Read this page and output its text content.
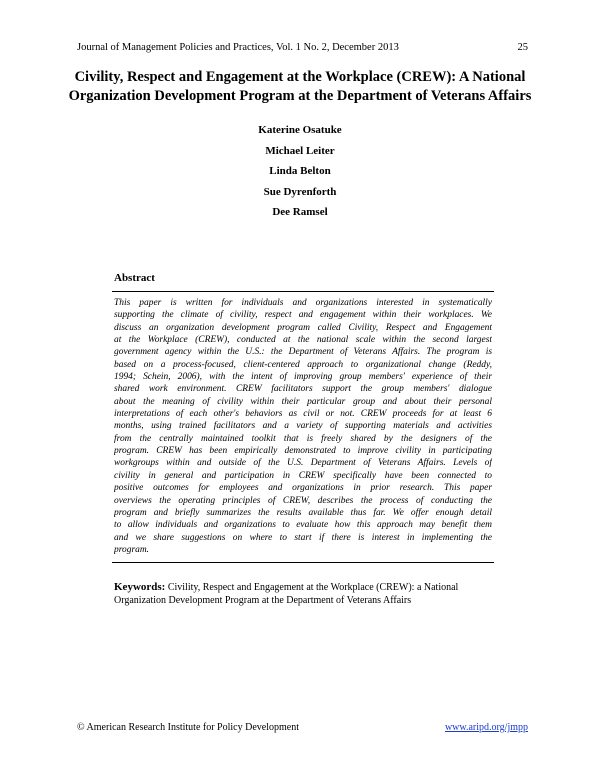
Journal of Management Policies and Practices, Vol. 1 No. 2, December 2013	25
Civility, Respect and Engagement at the Workplace (CREW): A National
Organization Development Program at the Department of Veterans Affairs
Katerine Osatuke
Michael Leiter
Linda Belton
Sue Dyrenforth
Dee Ramsel
Abstract
This paper is written for individuals and organizations interested in systematically
supporting the climate of civility, respect and engagement within their workplaces. We
discuss an organization development program called Civility, Respect and Engagement
at the Workplace (CREW), conducted at the national scale within the second largest
government agency within the U.S.: the Department of Veterans Affairs. The program is
based on a process-focused, client-centered approach to organizational change (Reddy,
1994; Schein, 2006), with the intent of improving group members' experience of their
shared work environment. CREW facilitators support the group members' dialogue
about the meaning of civility within their particular group and about their personal
interpretations of each other's behaviors as civil or not. CREW proceeds for at least 6
months, using trained facilitators and a variety of supporting materials and activities
from the centrally maintained toolkit that is freely shared by the designers of the
program. CREW has been empirically demonstrated to improve civility in participating
workgroups within and outside of the U.S. Department of Veterans Affairs. Levels of
civility in general and participation in CREW specifically have been connected to
positive outcomes for employees and organizations in prior research. This paper
overviews the operating principles of CREW, describes the process of conducting the
program and briefly summarizes the results available thus far. We offer enough detail
to allow individuals and organizations to evaluate how this approach may benefit them
and we share suggestions on where to start if there is interest in implementing the
program.
Keywords: Civility, Respect and Engagement at the Workplace (CREW): a National Organization Development Program at the Department of Veterans Affairs
© American Research Institute for Policy Development	www.aripd.org/jmpp
